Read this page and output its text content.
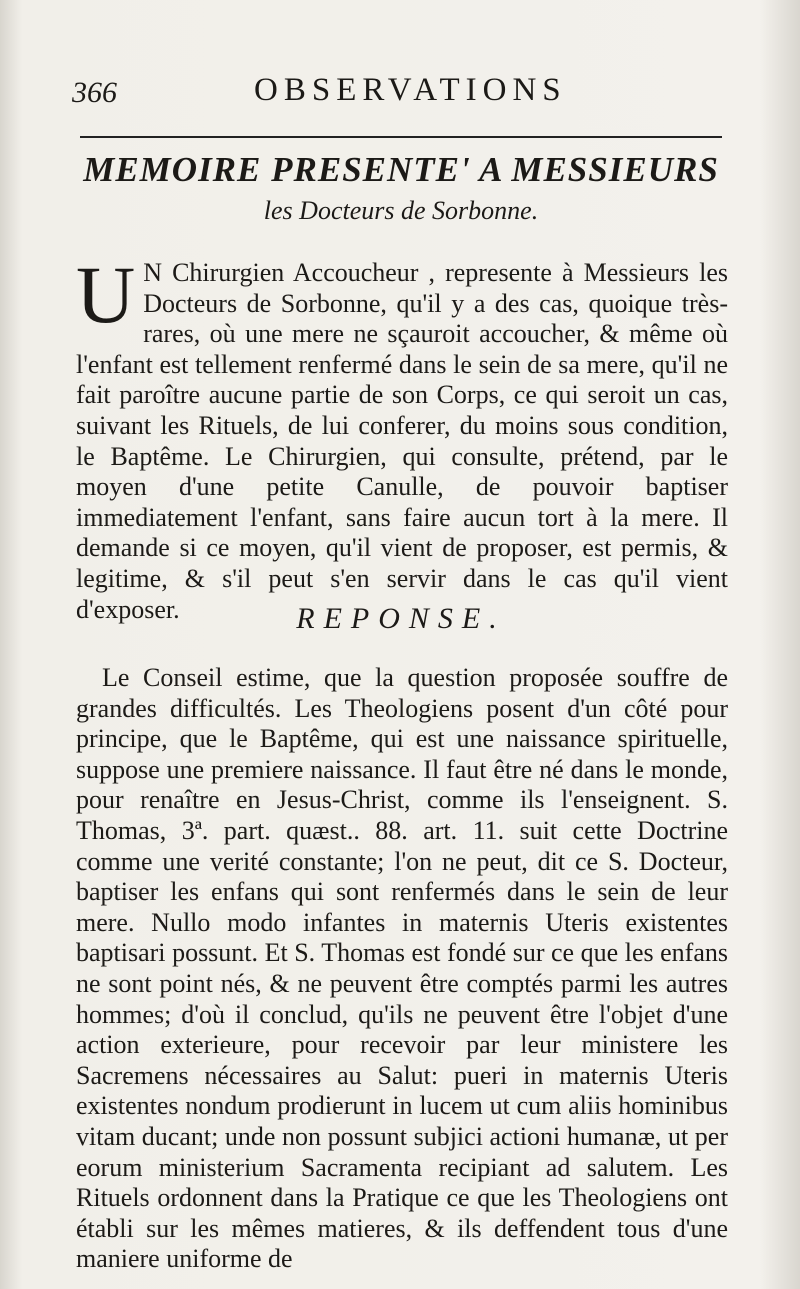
366	OBSERVATIONS
MEMOIRE PRESENTE' A MESSIEURS
les Docteurs de Sorbonne.
U N Chirurgien Accoucheur , represente à Messieurs les Docteurs de Sorbonne, qu'il y a des cas, quoique très-rares, où une mere ne sçauroit accoucher, & même où l'enfant est tellement renfermé dans le sein de sa mere, qu'il ne fait paroître aucune partie de son Corps, ce qui seroit un cas, suivant les Rituels, de lui conferer, du moins sous condition, le Baptême. Le Chirurgien, qui consulte, prétend, par le moyen d'une petite Canulle, de pouvoir baptiser immediatement l'enfant, sans faire aucun tort à la mere. Il demande si ce moyen, qu'il vient de proposer, est permis, & legitime, & s'il peut s'en servir dans le cas qu'il vient d'exposer.	REPONSE.

Le Conseil estime, que la question proposée souffre de grandes difficultés. Les Theologiens posent d'un côté pour principe, que le Baptême, qui est une naissance spirituelle, suppose une premiere naissance. Il faut être né dans le monde, pour renaître en Jesus-Christ, comme ils l'enseignent. S. Thomas, 3ª. part. quæst.. 88. art. 11. suit cette Doctrine comme une verité constante; l'on ne peut, dit ce S. Docteur, baptiser les enfans qui sont renfermés dans le sein de leur mere. Nullo modo infantes in maternis Uteris existentes baptisari possunt. Et S. Thomas est fondé sur ce que les enfans ne sont point nés, & ne peuvent être comptés parmi les autres hommes; d'où il conclud, qu'ils ne peuvent être l'objet d'une action exterieure, pour recevoir par leur ministere les Sacremens nécessaires au Salut: pueri in maternis Uteris existentes nondum prodierunt in lucem ut cum aliis hominibus vitam ducant; unde non possunt subjici actioni humanæ, ut per eorum ministerium Sacramenta recipiant ad salutem. Les Rituels ordonnent dans la Pratique ce que les Theologiens ont établi sur les mêmes matieres, & ils deffendent tous d'une maniere uniforme de
